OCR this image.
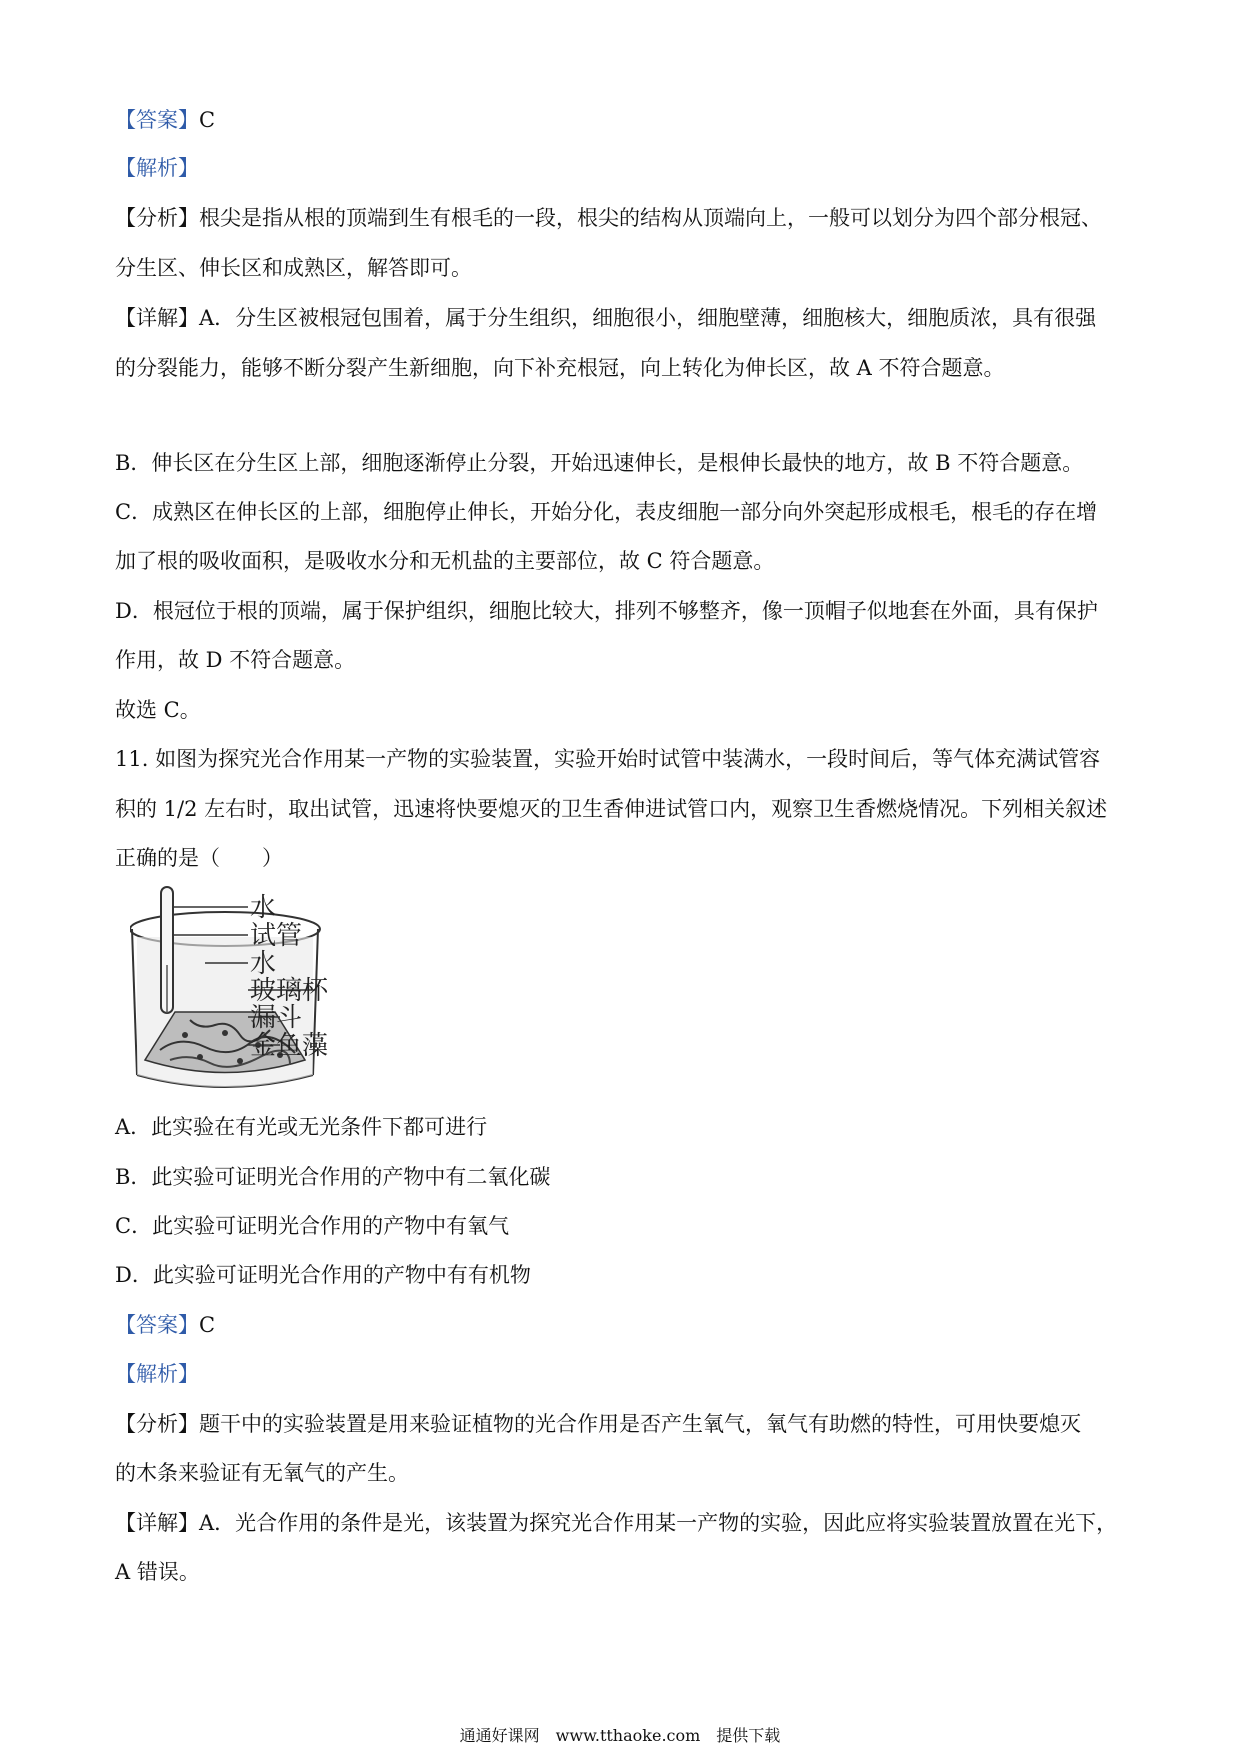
【答案】C
【解析】
【分析】根尖是指从根的顶端到生有根毛的一段，根尖的结构从顶端向上，一般可以划分为四个部分根冠、
分生区、伸长区和成熟区，解答即可。
【详解】A．分生区被根冠包围着，属于分生组织，细胞很小，细胞壁薄，细胞核大，细胞质浓，具有很强
的分裂能力，能够不断分裂产生新细胞，向下补充根冠，向上转化为伸长区，故 A 不符合题意。
B．伸长区在分生区上部，细胞逐渐停止分裂，开始迅速伸长，是根伸长最快的地方，故 B 不符合题意。
C．成熟区在伸长区的上部，细胞停止伸长，开始分化，表皮细胞一部分向外突起形成根毛，根毛的存在增
加了根的吸收面积，是吸收水分和无机盐的主要部位，故 C 符合题意。
D．根冠位于根的顶端，属于保护组织，细胞比较大，排列不够整齐，像一顶帽子似地套在外面，具有保护
作用，故 D 不符合题意。
故选 C。
11. 如图为探究光合作用某一产物的实验装置，实验开始时试管中装满水，一段时间后，等气体充满试管容
积的 1/2 左右时，取出试管，迅速将快要熄灭的卫生香伸进试管口内，观察卫生香燃烧情况。下列相关叙述
正确的是（　　）
水
试管
水
玻璃杯
漏斗
金鱼藻
A．此实验在有光或无光条件下都可进行
B．此实验可证明光合作用的产物中有二氧化碳
C．此实验可证明光合作用的产物中有氧气
D．此实验可证明光合作用的产物中有有机物
【答案】C
【解析】
【分析】题干中的实验装置是用来验证植物的光合作用是否产生氧气，氧气有助燃的特性，可用快要熄灭
的木条来验证有无氧气的产生。
【详解】A．光合作用的条件是光，该装置为探究光合作用某一产物的实验，因此应将实验装置放置在光下，
A 错误。
通通好课网　www.tthaoke.com　提供下载
